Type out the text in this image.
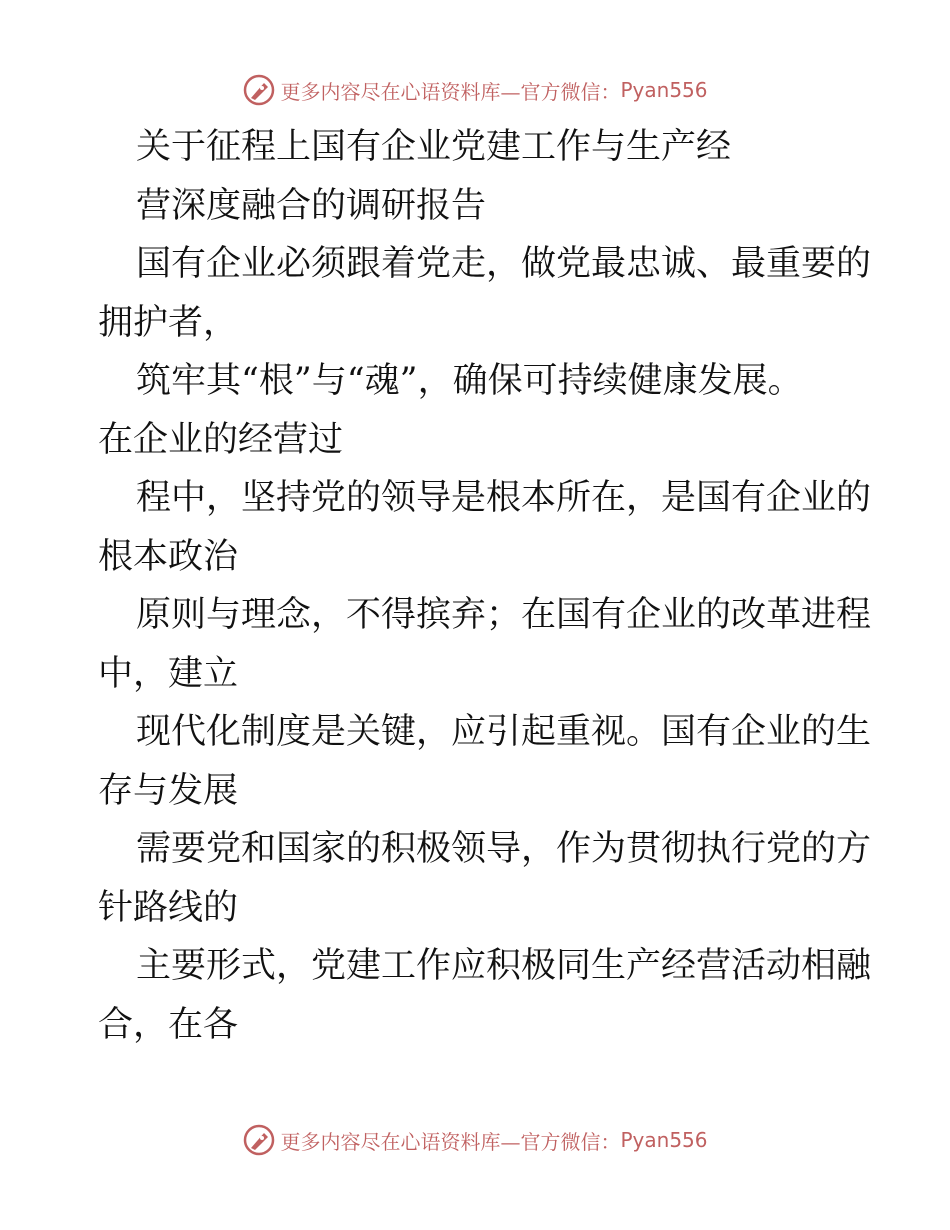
更多内容尽在心语资料库—官方微信： Pyan556
关于征程上国有企业党建工作与生产经
营深度融合的调研报告
国有企业必须跟着党走，做党最忠诚、最重要的
拥护者，
筑牢其“根”与“魂”，确保可持续健康发展。
在企业的经营过
程中，坚持党的领导是根本所在，是国有企业的
根本政治
原则与理念，不得摈弃；在国有企业的改革进程
中，建立
现代化制度是关键，应引起重视。国有企业的生
存与发展
需要党和国家的积极领导，作为贯彻执行党的方
针路线的
主要形式，党建工作应积极同生产经营活动相融
合，在各
更多内容尽在心语资料库—官方微信： Pyan556
